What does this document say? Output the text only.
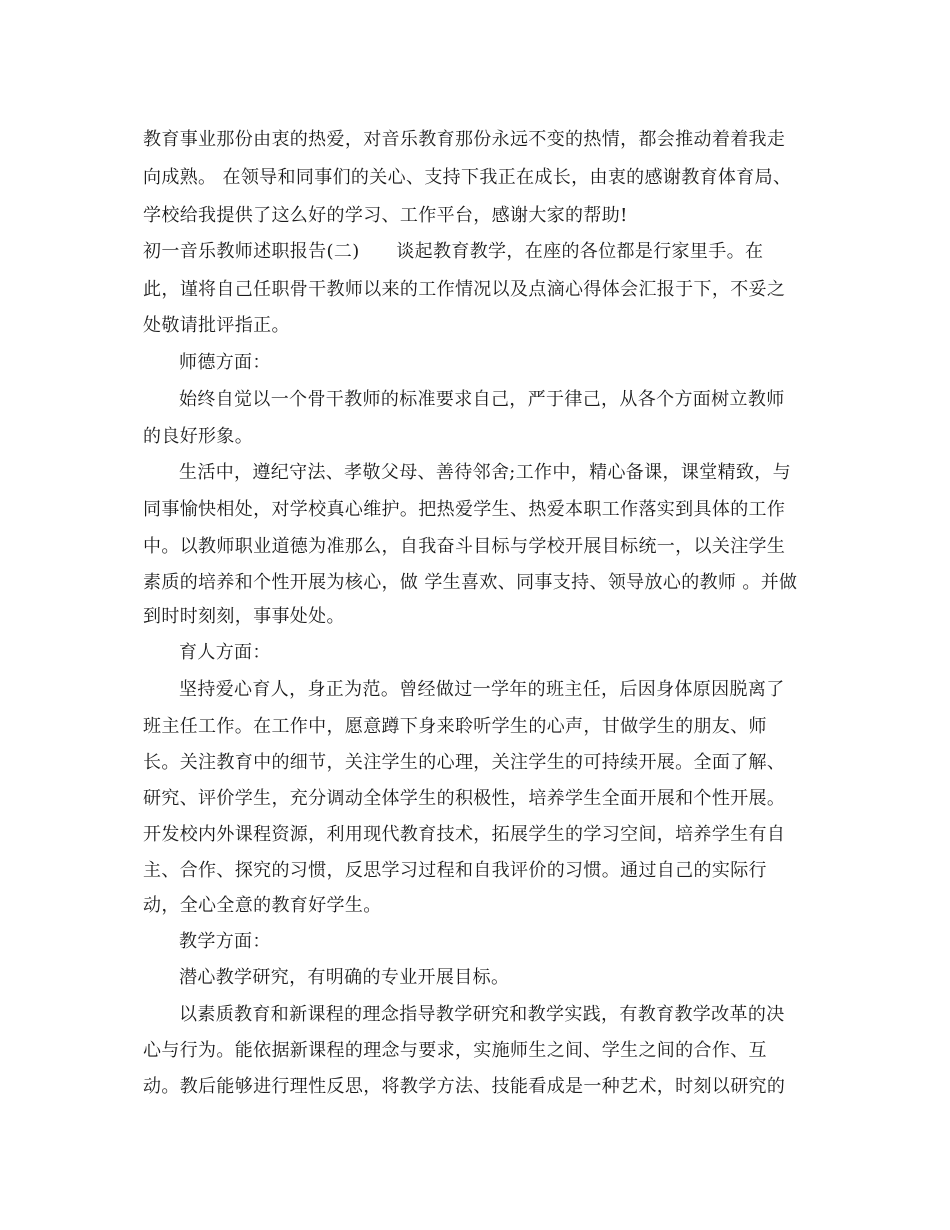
教育事业那份由衷的热爱，对音乐教育那份永远不变的热情，都会推动着着我走
向成熟。 在领导和同事们的关心、支持下我正在成长，由衷的感谢教育体育局、
学校给我提供了这么好的学习、工作平台，感谢大家的帮助!
初一音乐教师述职报告(二)　　谈起教育教学，在座的各位都是行家里手。在
此，谨将自己任职骨干教师以来的工作情况以及点滴心得体会汇报于下，不妥之
处敬请批评指正。
师德方面：
始终自觉以一个骨干教师的标准要求自己，严于律己，从各个方面树立教师
的良好形象。
生活中，遵纪守法、孝敬父母、善待邻舍;工作中，精心备课，课堂精致，与
同事愉快相处，对学校真心维护。把热爱学生、热爱本职工作落实到具体的工作
中。以教师职业道德为准那么，自我奋斗目标与学校开展目标统一，以关注学生
素质的培养和个性开展为核心，做 学生喜欢、同事支持、领导放心的教师 。并做
到时时刻刻，事事处处。
育人方面：
坚持爱心育人，身正为范。曾经做过一学年的班主任，后因身体原因脱离了
班主任工作。在工作中，愿意蹲下身来聆听学生的心声，甘做学生的朋友、师
长。关注教育中的细节，关注学生的心理，关注学生的可持续开展。全面了解、
研究、评价学生，充分调动全体学生的积极性，培养学生全面开展和个性开展。
开发校内外课程资源，利用现代教育技术，拓展学生的学习空间，培养学生有自
主、合作、探究的习惯，反思学习过程和自我评价的习惯。通过自己的实际行
动，全心全意的教育好学生。
教学方面：
潜心教学研究，有明确的专业开展目标。
以素质教育和新课程的理念指导教学研究和教学实践，有教育教学改革的决
心与行为。能依据新课程的理念与要求，实施师生之间、学生之间的合作、互
动。教后能够进行理性反思，将教学方法、技能看成是一种艺术，时刻以研究的
